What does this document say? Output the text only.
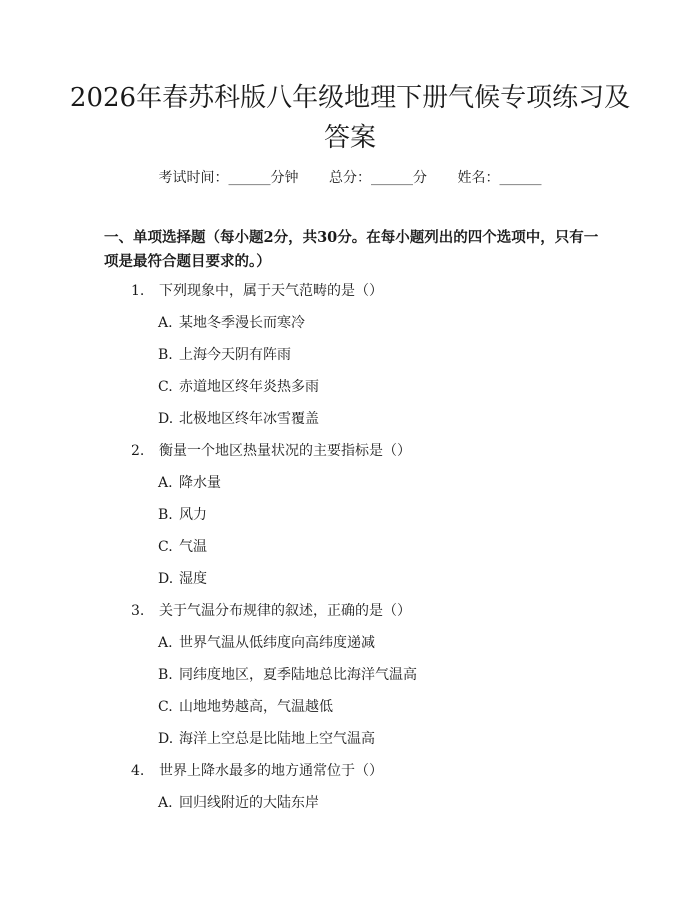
2026年春苏科版八年级地理下册气候专项练习及答案
考试时间：______分钟 总分：______分 姓名：______

一、单项选择题（每小题2分，共30分。在每小题列出的四个选项中，只有一项是最符合题目要求的。）

1. 下列现象中，属于天气范畴的是（）
A. 某地冬季漫长而寒冷
B. 上海今天阴有阵雨
C. 赤道地区终年炎热多雨
D. 北极地区终年冰雪覆盖
2. 衡量一个地区热量状况的主要指标是（）
A. 降水量
B. 风力
C. 气温
D. 湿度
3. 关于气温分布规律的叙述，正确的是（）
A. 世界气温从低纬度向高纬度递减
B. 同纬度地区，夏季陆地总比海洋气温高
C. 山地地势越高，气温越低
D. 海洋上空总是比陆地上空气温高
4. 世界上降水最多的地方通常位于（）
A. 回归线附近的大陆东岸
